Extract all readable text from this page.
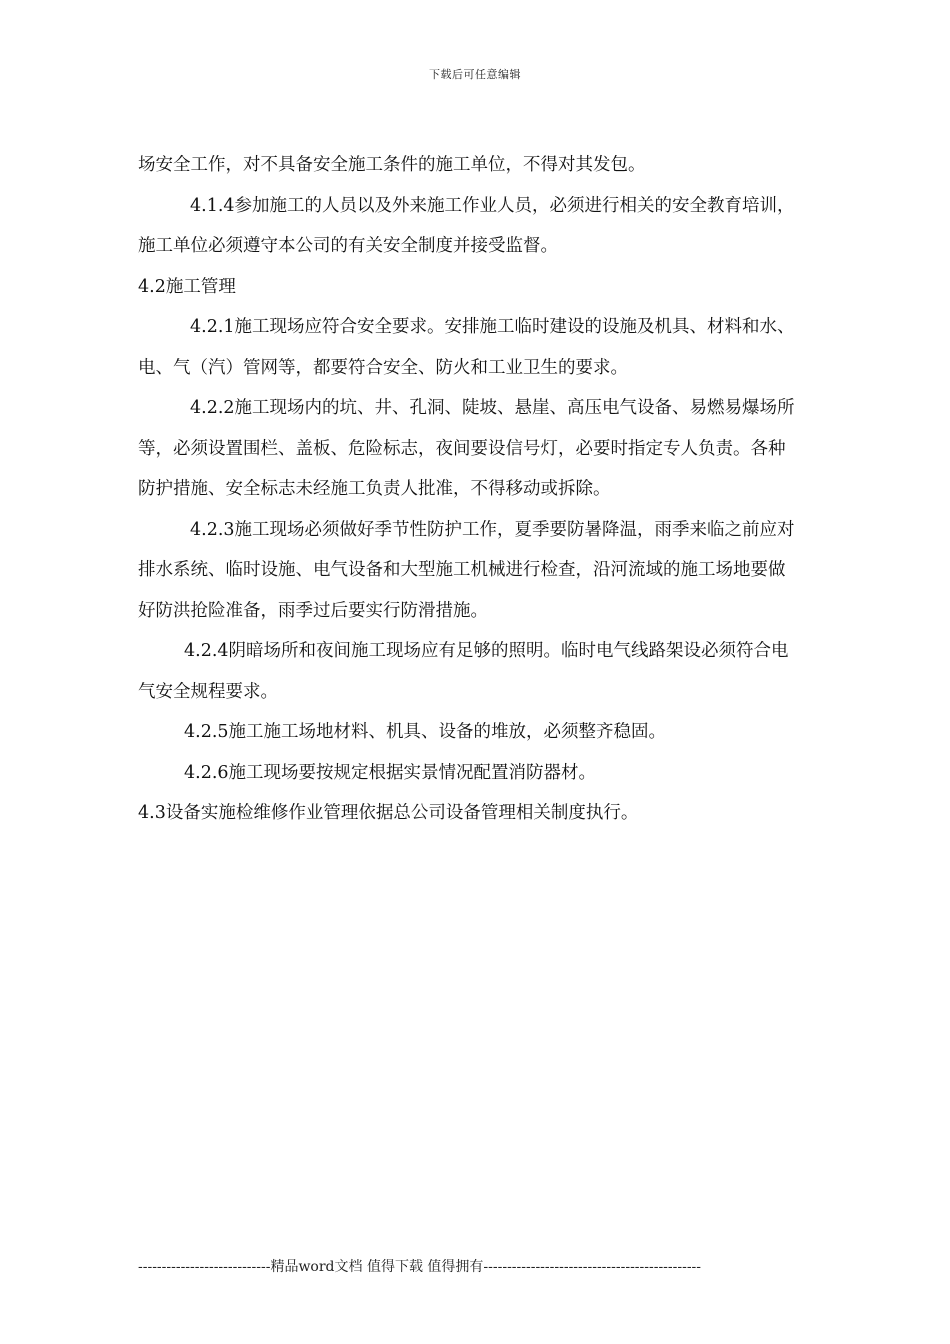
下载后可任意编辑
场安全工作，对不具备安全施工条件的施工单位，不得对其发包。
4.1.4参加施工的人员以及外来施工作业人员，必须进行相关的安全教育培训，
施工单位必须遵守本公司的有关安全制度并接受监督。
4.2施工管理
4.2.1施工现场应符合安全要求。安排施工临时建设的设施及机具、材料和水、
电、气（汽）管网等，都要符合安全、防火和工业卫生的要求。
4.2.2施工现场内的坑、井、孔洞、陡坡、悬崖、高压电气设备、易燃易爆场所
等，必须设置围栏、盖板、危险标志，夜间要设信号灯，必要时指定专人负责。各种
防护措施、安全标志未经施工负责人批准，不得移动或拆除。
4.2.3施工现场必须做好季节性防护工作，夏季要防暑降温，雨季来临之前应对
排水系统、临时设施、电气设备和大型施工机械进行检查，沿河流域的施工场地要做
好防洪抢险准备，雨季过后要实行防滑措施。
4.2.4阴暗场所和夜间施工现场应有足够的照明。临时电气线路架设必须符合电
气安全规程要求。
4.2.5施工施工场地材料、机具、设备的堆放，必须整齐稳固。
4.2.6施工现场要按规定根据实景情况配置消防器材。
4.3设备实施检维修作业管理依据总公司设备管理相关制度执行。
----------------------------精品word文档 值得下载 值得拥有----------------------------------------------
